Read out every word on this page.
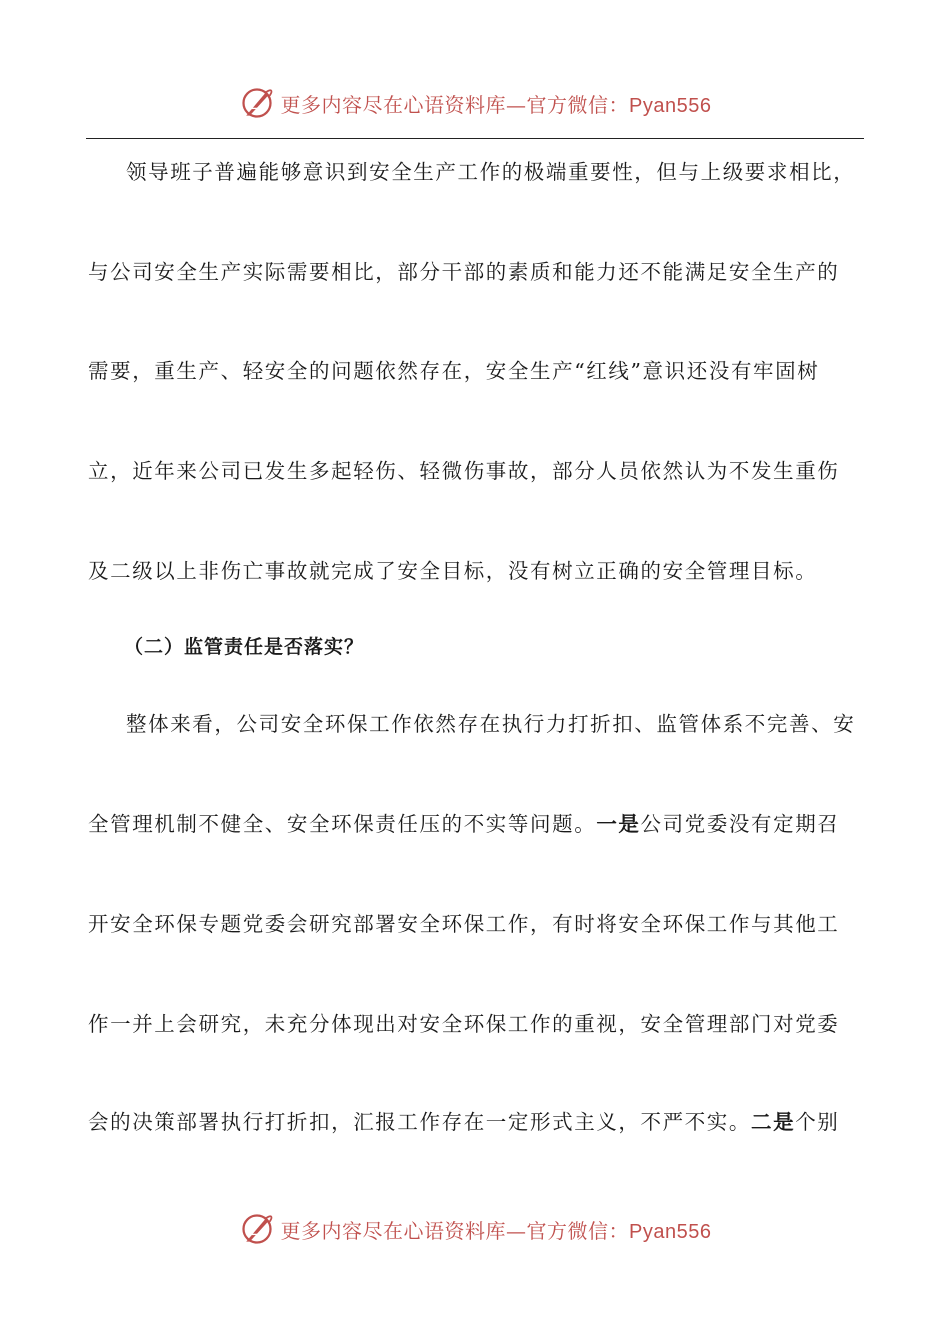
更多内容尽在心语资料库—官方微信：Pyan556
领导班子普遍能够意识到安全生产工作的极端重要性，但与上级要求相比，
与公司安全生产实际需要相比，部分干部的素质和能力还不能满足安全生产的
需要，重生产、轻安全的问题依然存在，安全生产“红线”意识还没有牢固树
立，近年来公司已发生多起轻伤、轻微伤事故，部分人员依然认为不发生重伤
及二级以上非伤亡事故就完成了安全目标，没有树立正确的安全管理目标。
（二）监管责任是否落实？
整体来看，公司安全环保工作依然存在执行力打折扣、监管体系不完善、安
全管理机制不健全、安全环保责任压的不实等问题。一是公司党委没有定期召
开安全环保专题党委会研究部署安全环保工作，有时将安全环保工作与其他工
作一并上会研究，未充分体现出对安全环保工作的重视，安全管理部门对党委
会的决策部署执行打折扣，汇报工作存在一定形式主义，不严不实。二是个别
更多内容尽在心语资料库—官方微信：Pyan556
